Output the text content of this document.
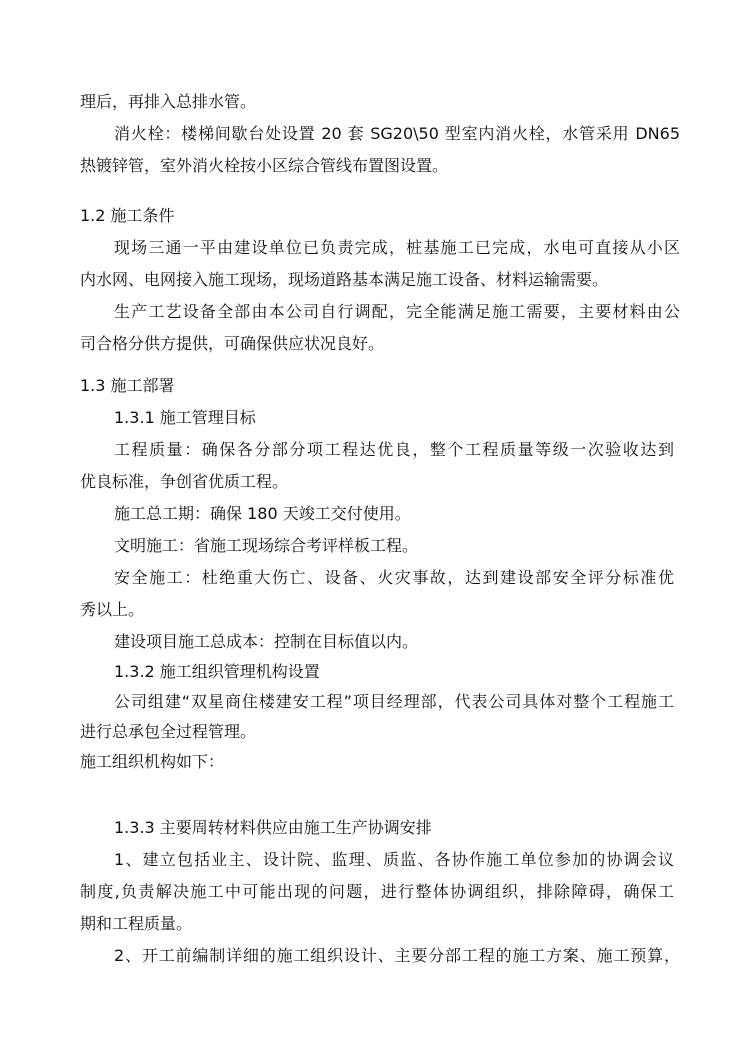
理后，再排入总排水管。
消火栓：楼梯间歇台处设置 20 套 SG20\50 型室内消火栓，水管采用 DN65
热镀锌管，室外消火栓按小区综合管线布置图设置。
1.2 施工条件
现场三通一平由建设单位已负责完成，桩基施工已完成，水电可直接从小区
内水网、电网接入施工现场，现场道路基本满足施工设备、材料运输需要。
生产工艺设备全部由本公司自行调配，完全能满足施工需要，主要材料由公
司合格分供方提供，可确保供应状况良好。
1.3 施工部署
1.3.1 施工管理目标
工程质量：确保各分部分项工程达优良，整个工程质量等级一次验收达到
优良标准，争创省优质工程。
施工总工期：确保 180 天竣工交付使用。
文明施工：省施工现场综合考评样板工程。
安全施工：杜绝重大伤亡、设备、火灾事故，达到建设部安全评分标准优
秀以上。
建设项目施工总成本：控制在目标值以内。
1.3.2 施工组织管理机构设置
公司组建“双星商住楼建安工程”项目经理部，代表公司具体对整个工程施工
进行总承包全过程管理。
施工组织机构如下：
1.3.3 主要周转材料供应由施工生产协调安排
1、建立包括业主、设计院、监理、质监、各协作施工单位参加的协调会议
制度,负责解决施工中可能出现的问题，进行整体协调组织，排除障碍，确保工
期和工程质量。
2、开工前编制详细的施工组织设计、主要分部工程的施工方案、施工预算，
